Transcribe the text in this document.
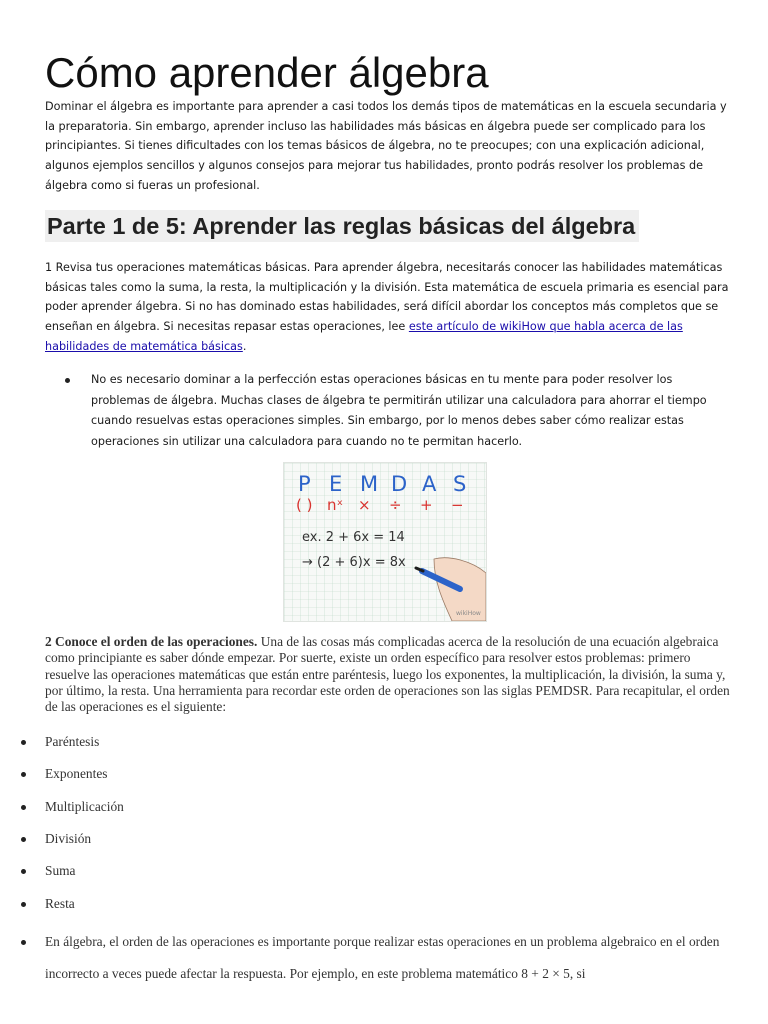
Cómo aprender álgebra

Dominar el álgebra es importante para aprender a casi todos los demás tipos de matemáticas en la escuela secundaria y la preparatoria. Sin embargo, aprender incluso las habilidades más básicas en álgebra puede ser complicado para los principiantes. Si tienes dificultades con los temas básicos de álgebra, no te preocupes; con una explicación adicional, algunos ejemplos sencillos y algunos consejos para mejorar tus habilidades, pronto podrás resolver los problemas de álgebra como si fueras un profesional.

Parte 1 de 5: Aprender las reglas básicas del álgebra

1 Revisa tus operaciones matemáticas básicas. Para aprender álgebra, necesitarás conocer las habilidades matemáticas básicas tales como la suma, la resta, la multiplicación y la división. Esta matemática de escuela primaria es esencial para poder aprender álgebra. Si no has dominado estas habilidades, será difícil abordar los conceptos más completos que se enseñan en álgebra. Si necesitas repasar estas operaciones, lee este artículo de wikiHow que habla acerca de las habilidades de matemática básicas.

No es necesario dominar a la perfección estas operaciones básicas en tu mente para poder resolver los problemas de álgebra. Muchas clases de álgebra te permitirán utilizar una calculadora para ahorrar el tiempo cuando resuelvas estas operaciones simples. Sin embargo, por lo menos debes saber cómo realizar estas operaciones sin utilizar una calculadora para cuando no te permitan hacerlo.
P E M D A S
( ) nˣ × ÷ + −
ex. 2 + 6x = 14
→ (2 + 6)x = 8x
wikiHow

2 Conoce el orden de las operaciones. Una de las cosas más complicadas acerca de la resolución de una ecuación algebraica como principiante es saber dónde empezar. Por suerte, existe un orden específico para resolver estos problemas: primero resuelve las operaciones matemáticas que están entre paréntesis, luego los exponentes, la multiplicación, la división, la suma y, por último, la resta. Una herramienta para recordar este orden de operaciones son las siglas PEMDSR. Para recapitular, el orden de las operaciones es el siguiente:

Paréntesis
Exponentes
Multiplicación
División
Suma
Resta

En álgebra, el orden de las operaciones es importante porque realizar estas operaciones en un problema algebraico en el orden incorrecto a veces puede afectar la respuesta. Por ejemplo, en este problema matemático 8 + 2 × 5, si
